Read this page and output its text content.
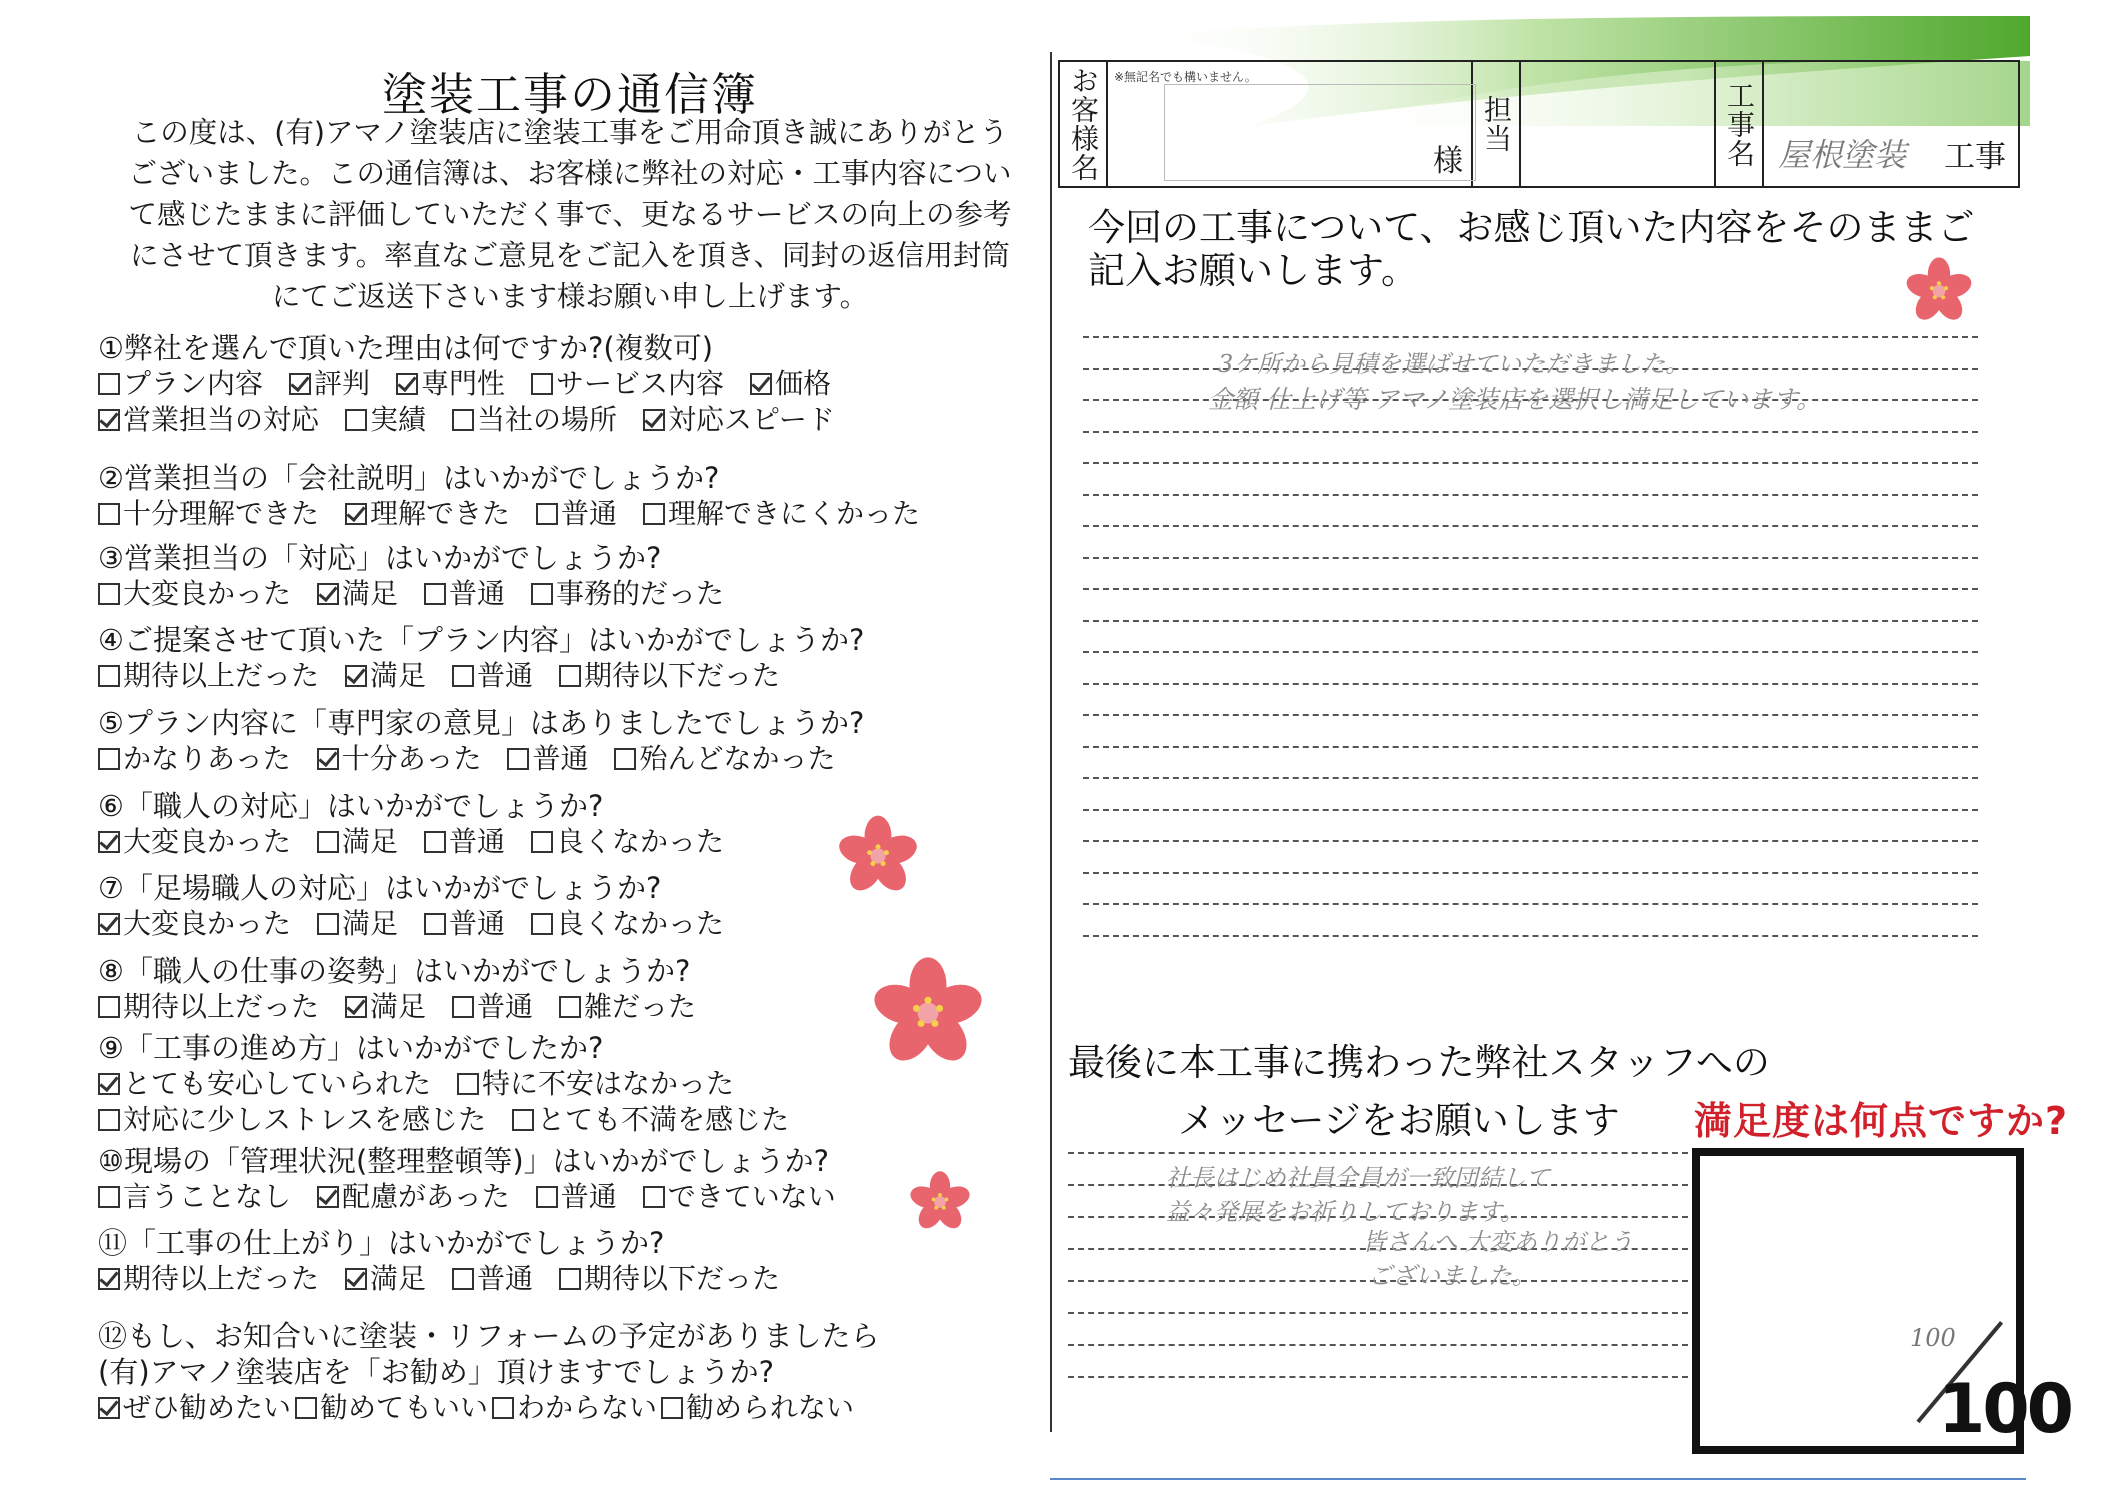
塗装工事の通信簿
この度は、(有)アマノ塗装店に塗装工事をご用命頂き誠にありがとうございました。この通信簿は、お客様に弊社の対応・工事内容について感じたままに評価していただく事で、更なるサービスの向上の参考にさせて頂きます。率直なご意見をご記入を頂き、同封の返信用封筒にてご返送下さいます様お願い申し上げます。
①弊社を選んで頂いた理由は何ですか?(複数可)
プラン内容 評判 専門性 サービス内容 価格
営業担当の対応 実績 当社の場所 対応スピード
②営業担当の「会社説明」はいかがでしょうか?
十分理解できた 理解できた 普通 理解できにくかった
③営業担当の「対応」はいかがでしょうか?
大変良かった 満足 普通 事務的だった
④ご提案させて頂いた「プラン内容」はいかがでしょうか?
期待以上だった 満足 普通 期待以下だった
⑤プラン内容に「専門家の意見」はありましたでしょうか?
かなりあった 十分あった 普通 殆んどなかった
⑥「職人の対応」はいかがでしょうか?
大変良かった 満足 普通 良くなかった
⑦「足場職人の対応」はいかがでしょうか?
大変良かった 満足 普通 良くなかった
⑧「職人の仕事の姿勢」はいかがでしょうか?
期待以上だった 満足 普通 雑だった
⑨「工事の進め方」はいかがでしたか?
とても安心していられた 特に不安はなかった
対応に少しストレスを感じた とても不満を感じた
⑩現場の「管理状況(整理整頓等)」はいかがでしょうか?
言うことなし 配慮があった 普通 できていない
⑪「工事の仕上がり」はいかがでしょうか?
期待以上だった 満足 普通 期待以下だった
⑫もし、お知合いに塗装・リフォームの予定がありましたら
(有)アマノ塗装店を「お勧め」頂けますでしょうか?
ぜひ勧めたい 勧めてもいい わからない 勧められない
お客様名 ※無記名でも構いません。
様
担当	工事名 屋根塗装 工事
今回の工事について、お感じ頂いた内容をそのままご記入お願いします。
3ケ所から見積を選ばせていただきました。
金額 仕上げ等 アマノ塗装店を選択し満足しています。
最後に本工事に携わった弊社スタッフへの
メッセージをお願いします
社長はじめ社員全員が一致団結して
益々発展をお祈りしております。
皆さんへ 大変ありがとう
ございました。
満足度は何点ですか?
100
100
